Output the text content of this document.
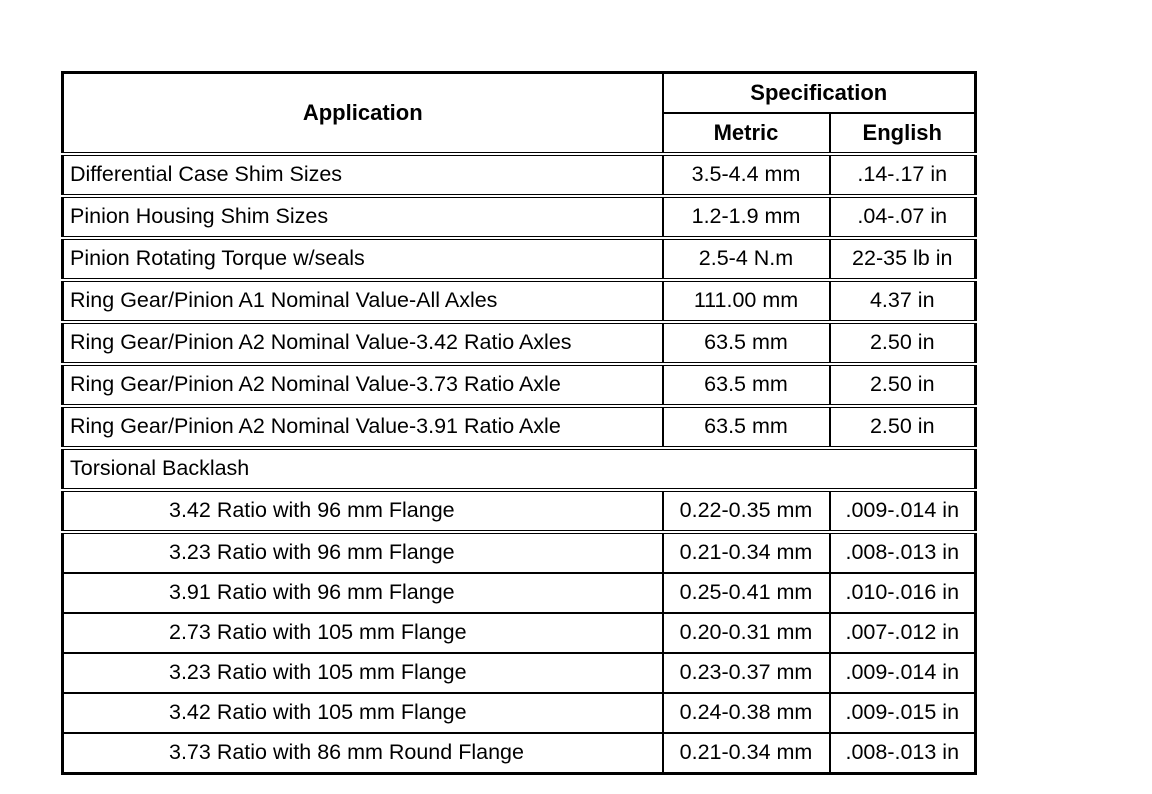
Application	Specification	
	Metric	English
Differential Case Shim Sizes	3.5-4.4 mm	.14-.17 in
Pinion Housing Shim Sizes	1.2-1.9 mm	.04-.07 in
Pinion Rotating Torque w/seals	2.5-4 N.m	22-35 lb in
Ring Gear/Pinion A1 Nominal Value-All Axles	111.00 mm	4.37 in
Ring Gear/Pinion A2 Nominal Value-3.42 Ratio Axles	63.5 mm	2.50 in
Ring Gear/Pinion A2 Nominal Value-3.73 Ratio Axle	63.5 mm	2.50 in
Ring Gear/Pinion A2 Nominal Value-3.91 Ratio Axle	63.5 mm	2.50 in
Torsional Backlash		
3.42 Ratio with 96 mm Flange	0.22-0.35 mm	.009-.014 in
3.23 Ratio with 96 mm Flange	0.21-0.34 mm	.008-.013 in
3.91 Ratio with 96 mm Flange	0.25-0.41 mm	.010-.016 in
2.73 Ratio with 105 mm Flange	0.20-0.31 mm	.007-.012 in
3.23 Ratio with 105 mm Flange	0.23-0.37 mm	.009-.014 in
3.42 Ratio with 105 mm Flange	0.24-0.38 mm	.009-.015 in
3.73 Ratio with 86 mm Round Flange	0.21-0.34 mm	.008-.013 in
